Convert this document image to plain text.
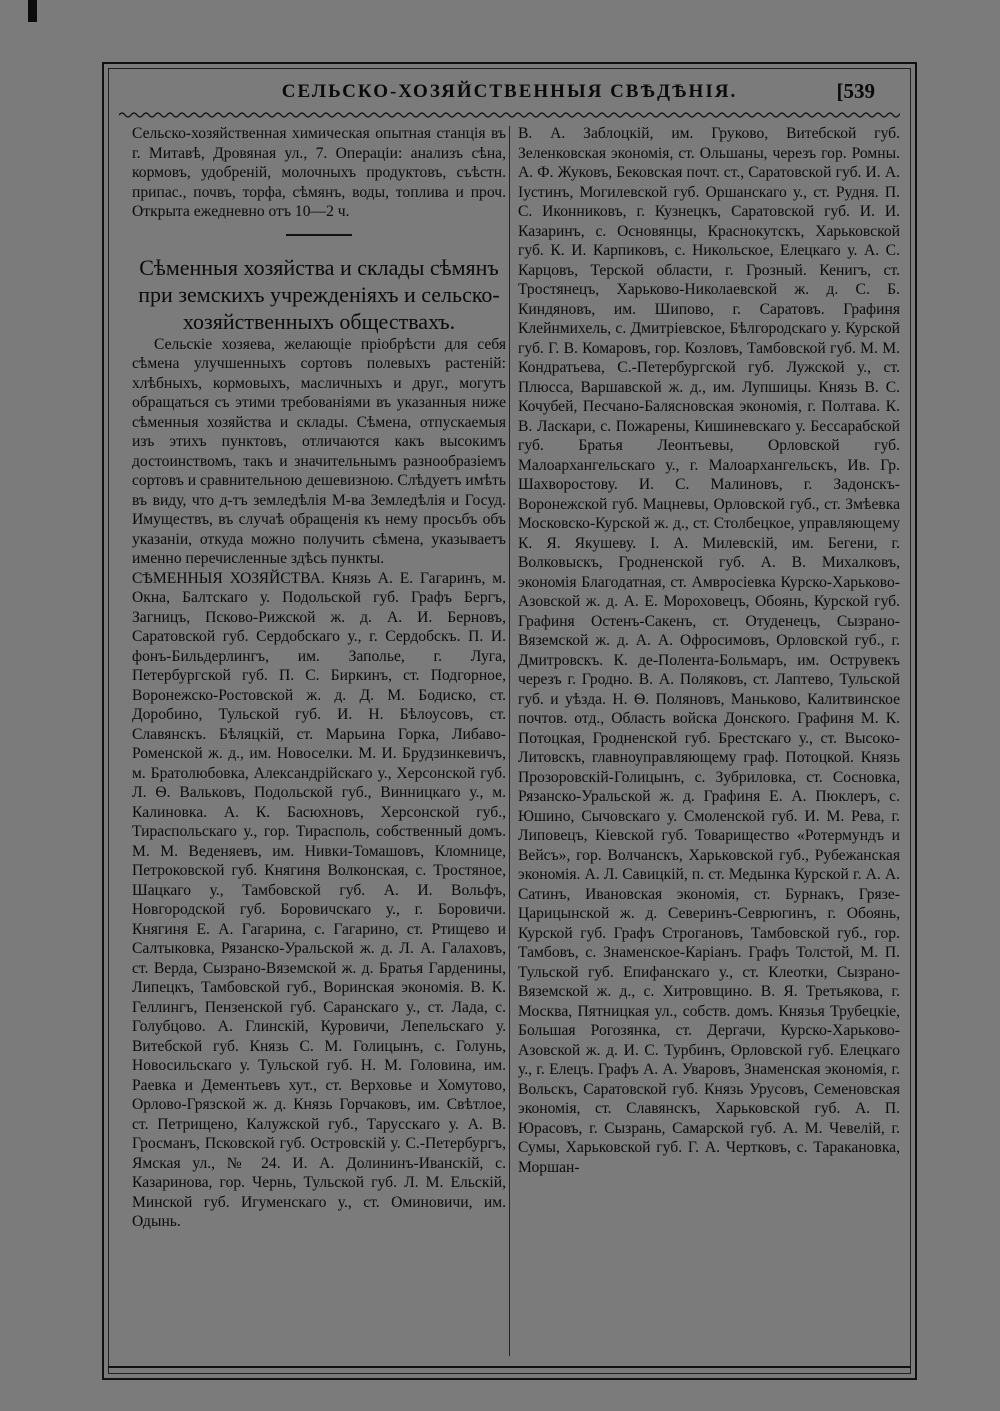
СЕЛЬСКО-ХОЗЯЙСТВЕННЫЯ СВѢДѢНІЯ.	[539

Сельско-хозяйственная химическая опытная станція въ г. Митавѣ, Дровяная ул., 7. Операціи: анализъ сѣна, кормовъ, удобреній, молочныхъ продуктовъ, съѣстн. припас., почвъ, торфа, сѣмянъ, воды, топлива и проч. Открыта ежедневно отъ 10—2 ч.

Сѣменныя хозяйства и склады сѣмянъ при земскихъ учрежденіяхъ и сельско-хозяйственныхъ обществахъ.

Сельскіе хозяева, желающіе пріобрѣсти для себя сѣмена улучшенныхъ сортовъ полевыхъ растеній: хлѣбныхъ, кормовыхъ, масличныхъ и друг., могутъ обращаться съ этими требованіями въ указанныя ниже сѣменныя хозяйства и склады. Сѣмена, отпускаемыя изъ этихъ пунктовъ, отличаются какъ высокимъ достоинствомъ, такъ и значительнымъ разнообразіемъ сортовъ и сравнительною дешевизною. Слѣдуетъ имѣть въ виду, что д-тъ земледѣлія М-ва Земледѣлія и Госуд. Имуществъ, въ случаѣ обращенія къ нему просьбъ объ указаніи, откуда можно получить сѣмена, указываетъ именно перечисленные здѣсь пункты.

СѢМЕННЫЯ ХОЗЯЙСТВА. Князь А. Е. Гагаринъ, м. Окна, Балтскаго у. Подольской губ. Графъ Бергъ, Загницъ, Псково-Рижской ж. д. А. И. Берновъ, Саратовской губ. Сердобскаго у., г. Сердобскъ. П. И. фонъ-Бильдерлингъ, им. Заполье, г. Луга, Петербургской губ. П. С. Биркинъ, ст. Подгорное, Воронежско-Ростовской ж. д. Д. М. Бодиско, ст. Доробино, Тульской губ. И. Н. Бѣлоусовъ, ст. Славянскъ. Бѣляцкій, ст. Марьина Горка, Либаво-Роменской ж. д., им. Новоселки. М. И. Брудзинкевичъ, м. Братолюбовка, Александрійскаго у., Херсонской губ. Л. Ѳ. Вальковъ, Подольской губ., Винницкаго у., м. Калиновка. А. К. Басюхновъ, Херсонской губ., Тираспольскаго у., гор. Тирасполь, собственный домъ. М. М. Веденяевъ, им. Нивки-Томашовъ, Кломнице, Петроковской губ. Княгиня Волконская, с. Тростяное, Шацкаго у., Тамбовской губ. А. И. Вольфъ, Новгородской губ. Боровичскаго у., г. Боровичи. Княгиня Е. А. Гагарина, с. Гагарино, ст. Ртищево и Салтыковка, Рязанско-Уральской ж. д. Л. А. Галаховъ, ст. Верда, Сызрано-Вяземской ж. д. Братья Гарденины, Липецкъ, Тамбовской губ., Воринская экономія. В. К. Геллингъ, Пензенской губ. Саранскаго у., ст. Лада, с. Голубцово. А. Глинскій, Куровичи, Лепельскаго у. Витебской губ. Князь С. М. Голицынъ, с. Голунь, Новосильскаго у. Тульской губ. Н. М. Головина, им. Раевка и Дементьевъ хут., ст. Верховье и Хомутово, Орлово-Грязской ж. д. Князь Горчаковъ, им. Свѣтлое, ст. Петрищено, Калужской губ., Тарусскаго у. А. В. Гросманъ, Псковской губ. Островскій у. С.-Петербургъ, Ямская ул., № 24. И. А. Долининъ-Иванскій, с. Казаринова, гор. Чернь, Тульской губ. Л. М. Ельскій, Минской губ. Игуменскаго у., ст. Оминовичи, им. Одынь.

В. А. Заблоцкій, им. Груково, Витебской губ. Зеленковская экономія, ст. Ольшаны, черезъ гор. Ромны. А. Ф. Жуковъ, Бековская почт. ст., Саратовской губ. И. А. Іустинъ, Могилевской губ. Оршанскаго у., ст. Рудня. П. С. Иконниковъ, г. Кузнецкъ, Саратовской губ. И. И. Казаринъ, с. Основянцы, Краснокутскъ, Харьковской губ. К. И. Карпиковъ, с. Никольское, Елецкаго у. А. С. Карцовъ, Терской области, г. Грозный. Кенигъ, ст. Тростянецъ, Харьково-Николаевской ж. д. С. Б. Киндяновъ, им. Шипово, г. Саратовъ. Графиня Клейнмихель, с. Дмитріевское, Бѣлгородскаго у. Курской губ. Г. В. Комаровъ, гор. Козловъ, Тамбовской губ. М. М. Кондратьева, С.-Петербургской губ. Лужской у., ст. Плюсса, Варшавской ж. д., им. Лупшицы. Князь В. С. Кочубей, Песчано-Балясновская экономія, г. Полтава. К. В. Ласкари, с. Пожарены, Кишиневскаго у. Бессарабской губ. Братья Леонтьевы, Орловской губ. Малоархангельскаго у., г. Малоархангельскъ, Ив. Гр. Шахворостову. И. С. Малиновъ, г. Задонскъ-Воронежской губ. Мацневы, Орловской губ., ст. Змѣевка Московско-Курской ж. д., ст. Столбецкое, управляющему К. Я. Якушеву. І. А. Милевскій, им. Бегени, г. Волковыскъ, Гродненской губ. А. В. Михалковъ, экономія Благодатная, ст. Амвросіевка Курско-Харьково-Азовской ж. д. А. Е. Мороховецъ, Обоянь, Курской губ. Графиня Остенъ-Сакенъ, ст. Отуденецъ, Сызрано-Вяземской ж. д. А. А. Офросимовъ, Орловской губ., г. Дмитровскъ. К. де-Полента-Больмаръ, им. Острувекъ черезъ г. Гродно. В. А. Поляковъ, ст. Лаптево, Тульской губ. и уѣзда. Н. Ѳ. Поляновъ, Маньково, Калитвинское почтов. отд., Область войска Донского. Графиня М. К. Потоцкая, Гродненской губ. Брестскаго у., ст. Высоко-Литовскъ, главноуправляющему граф. Потоцкой. Князь Прозоровскій-Голицынъ, с. Зубриловка, ст. Сосновка, Рязанско-Уральской ж. д. Графиня Е. А. Пюклеръ, с. Юшино, Сычовскаго у. Смоленской губ. И. М. Рева, г. Липовецъ, Кіевской губ. Товарищество «Ротермундъ и Вейсъ», гор. Волчанскъ, Харьковской губ., Рубежанская экономія. А. Л. Савицкій, п. ст. Медынка Курской г. А. А. Сатинъ, Ивановская экономія, ст. Бурнакъ, Грязе-Царицынской ж. д. Северинъ-Севрюгинъ, г. Обоянь, Курской губ. Графъ Строгановъ, Тамбовской губ., гор. Тамбовъ, с. Знаменское-Каріанъ. Графъ Толстой, М. П. Тульской губ. Епифанскаго у., ст. Клеотки, Сызрано-Вяземской ж. д., с. Хитровщино. В. Я. Третьякова, г. Москва, Пятницкая ул., собств. домъ. Князья Трубецкіе, Большая Рогозянка, ст. Дергачи, Курско-Харьково-Азовской ж. д. И. С. Турбинъ, Орловской губ. Елецкаго у., г. Елецъ. Графъ А. А. Уваровъ, Знаменская экономія, г. Вольскъ, Саратовской губ. Князь Урусовъ, Семеновская экономія, ст. Славянскъ, Харьковской губ. А. П. Юрасовъ, г. Сызрань, Самарской губ. А. М. Чевелій, г. Сумы, Харьковской губ. Г. А. Чертковъ, с. Таракановка, Моршан-
